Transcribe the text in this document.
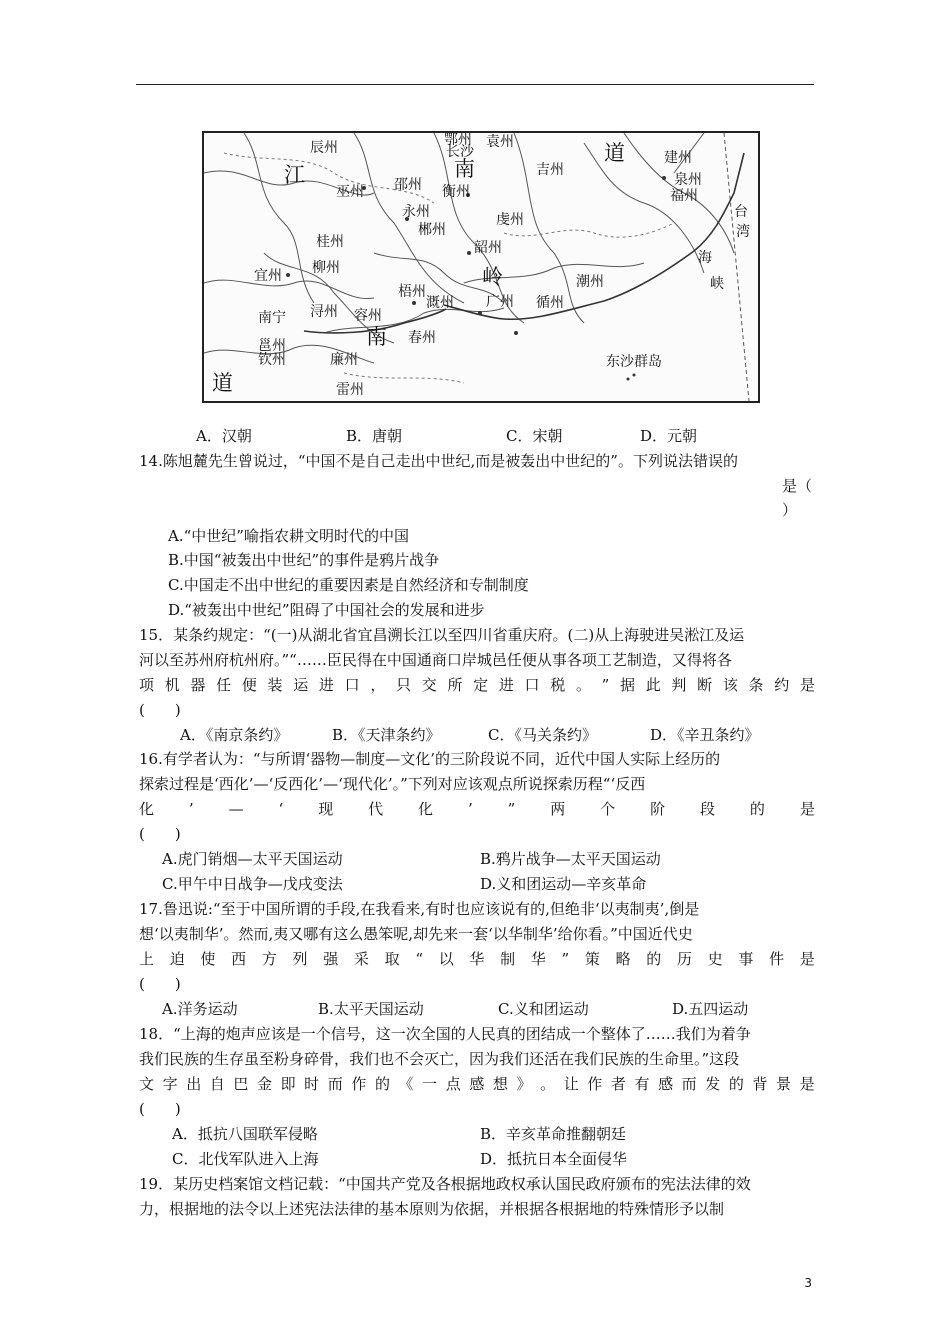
鄂州
长沙
袁州
辰州
南	吉州
道	建州
江
巫州 邵州 衡州
泉州
福州
永州	虔州	台
湾
桂州
郴州
韶州
海
宜州 柳州	岭	潮州	峡
梧州
溉州 广州 循州
南宁 浔州 容州
南 春州
邕州
钦州	廉州	东沙群岛
道	雷州
A．汉朝	B．唐朝	C．宋朝	D．元朝
14.陈旭麓先生曾说过，“中国不是自己走出中世纪,而是被轰出中世纪的”。下列说法错误的
是（
）
A.“中世纪”喻指农耕文明时代的中国
B.中国“被轰出中世纪”的事件是鸦片战争
C.中国走不出中世纪的重要因素是自然经济和专制制度
D.“被轰出中世纪”阻碍了中国社会的发展和进步
15．某条约规定：“(一)从湖北省宜昌溯长江以至四川省重庆府。(二)从上海驶进吴淞江及运
河以至苏州府杭州府。”“……臣民得在中国通商口岸城邑任便从事各项工艺制造，又得将各
项 机 器 任 便 装 运 进 口 ， 只 交 所 定 进 口 税 。 ” 据 此 判 断 该 条 约 是
(　　)
A．《南京条约》	B．《天津条约》	C．《马关条约》	D．《辛丑条约》
16.有学者认为：“与所谓‘器物—制度—文化’的三阶段说不同，近代中国人实际上经历的
探索过程是‘西化’—‘反西化’—‘现代化’。”下列对应该观点所说探索历程“‘反西
化 ’ — ‘ 现 代 化 ’ ” 两 个 阶 段 的 是
(　　)
A.虎门销烟—太平天国运动	B.鸦片战争—太平天国运动
C.甲午中日战争—戊戌变法	D.义和团运动—辛亥革命
17.鲁迅说:“至于中国所谓的手段,在我看来,有时也应该说有的,但绝非‘以夷制夷’,倒是
想‘以夷制华’。然而,夷又哪有这么愚笨呢,却先来一套‘以华制华’给你看。”中国近代史
上 迫 使 西 方 列 强 采 取 “ 以 华 制 华 ” 策 略 的 历 史 事 件 是
(　　)
A.洋务运动	B.太平天国运动	C.义和团运动	D.五四运动
18．“上海的炮声应该是一个信号，这一次全国的人民真的团结成一个整体了……我们为着争
我们民族的生存虽至粉身碎骨，我们也不会灭亡，因为我们还活在我们民族的生命里。”这段
文 字 出 自 巴 金 即 时 而 作 的 《 一 点 感 想 》 。 让 作 者 有 感 而 发 的 背 景 是
(　　)
A．抵抗八国联军侵略	B．辛亥革命推翻朝廷
C．北伐军队进入上海	D．抵抗日本全面侵华
19．某历史档案馆文档记载：“中国共产党及各根据地政权承认国民政府颁布的宪法法律的效
力，根据地的法令以上述宪法法律的基本原则为依据，并根据各根据地的特殊情形予以制
3
